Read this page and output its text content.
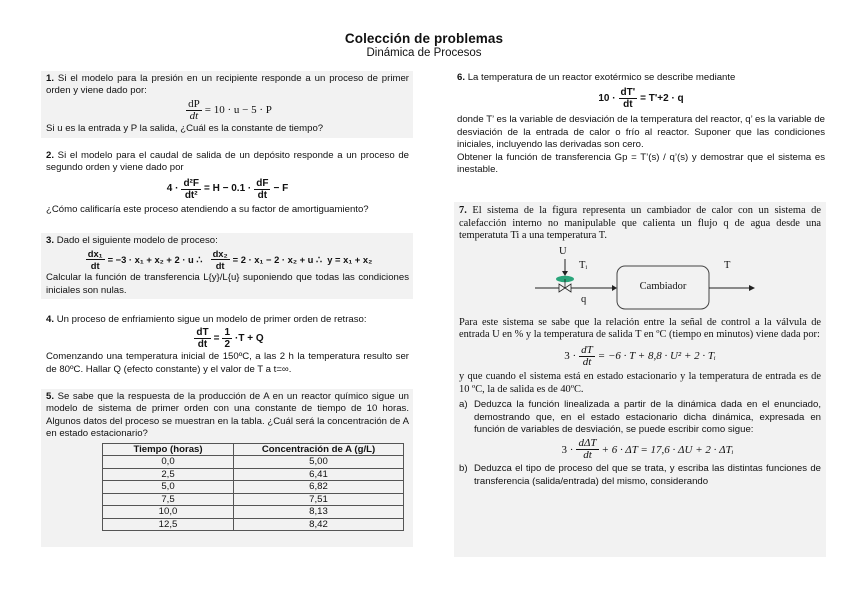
Colección de problemas
Dinámica de Procesos

1. Si el modelo para la presión en un recipiente responde a un proceso de primer orden y viene dado por:

$\frac{dP}{dt} = 10 \cdot u - 5 \cdot P$

Si u es la entrada y P la salida, ¿Cuál es la constante de tiempo?

2. Si el modelo para el caudal de salida de un depósito responde a un proceso de segundo orden y viene dado por

$4 \cdot \frac{\text{d²F}}{\text{dt²}} = H - 0.1 \cdot \frac{dF}{dt} - F$

¿Cómo calificaría este proceso atendiendo a su factor de amortiguamiento?

3. Dado el siguiente modelo de proceso:

$\frac{\text{dx₁}}{dt} = -3 \cdot x_1 + x_2 + 2 \cdot u$ ∴
$\frac{\text{dx₂}}{dt} = 2 \cdot x_1 - 2 \cdot x_2 + u$ ∴
y = x₁ + x₂

Calcular la función de transferencia L{y}/L{u} suponiendo que todas las condiciones iniciales son nulas.

4. Un proceso de enfriamiento sigue un modelo de primer orden de retraso:

$\frac{dT}{dt} = \frac{1}{2} \cdot T + Q$

Comenzando una temperatura inicial de 150ºC, a las 2 h la temperatura resulto ser de 80ºC. Hallar Q (efecto constante) y el valor de T a t=∞.

5. Se sabe que la respuesta de la producción de A en un reactor químico sigue un modelo de sistema de primer orden con una constante de tiempo de 10 horas. Algunos datos del proceso se muestran en la tabla. ¿Cuál será la concentración de A en estado estacionario?

Tiempo (horas)	Concentración de A (g/L)
0,0	5,00
2,5	6,41
5,0	6,82
7,5	7,51
10,0	8,13
12,5	8,42

6. La temperatura de un reactor exotérmico se describe mediante

$10 \cdot \frac{dT'}{dt} = T'+2 \cdot q$

donde T’ es la variable de desviación de la temperatura del reactor, q’ es la variable de desviación de la entrada de calor o frío al reactor. Suponer que las condiciones iniciales, incluyendo las derivadas son cero.

Obtener la función de transferencia Gp = T’(s) / q’(s) y demostrar que el sistema es inestable.

7. El sistema de la figura representa un cambiador de calor con un sistema de calefacción interno no manipulable que calienta un flujo q de agua desde una temperatuta Ti a una temperatura T.

U
Tᵢ
q
T
Cambiador

Para este sistema se sabe que la relación entre la señal de control a la válvula de entrada U en % y la temperatura de salida T en ºC (tiempo en minutos) viene dada por:

$3 \cdot \frac{dT}{dt} = -6 \cdot T + 8,8 \cdot U^2 + 2$ · Tᵢ

y que cuando el sistema está en estado estacionario y la temperatura de entrada es de 10 ºC, la de salida es de 40ºC.

a) Deduzca la función linealizada a partir de la dinámica dada en el enunciado, demostrando que, en el estado estacionario dicha dinámica, expresada en función de variables de desviación, se puede escribir como sigue:

$3 \cdot \frac{\text{dΔT}}{dt} + 6 \cdot \Delta T = 17,6 \cdot \Delta U + 2$ · ΔTᵢ
b) Deduzca el tipo de proceso del que se trata, y escriba las distintas funciones de transferencia (salida/entrada) del mismo, considerando
